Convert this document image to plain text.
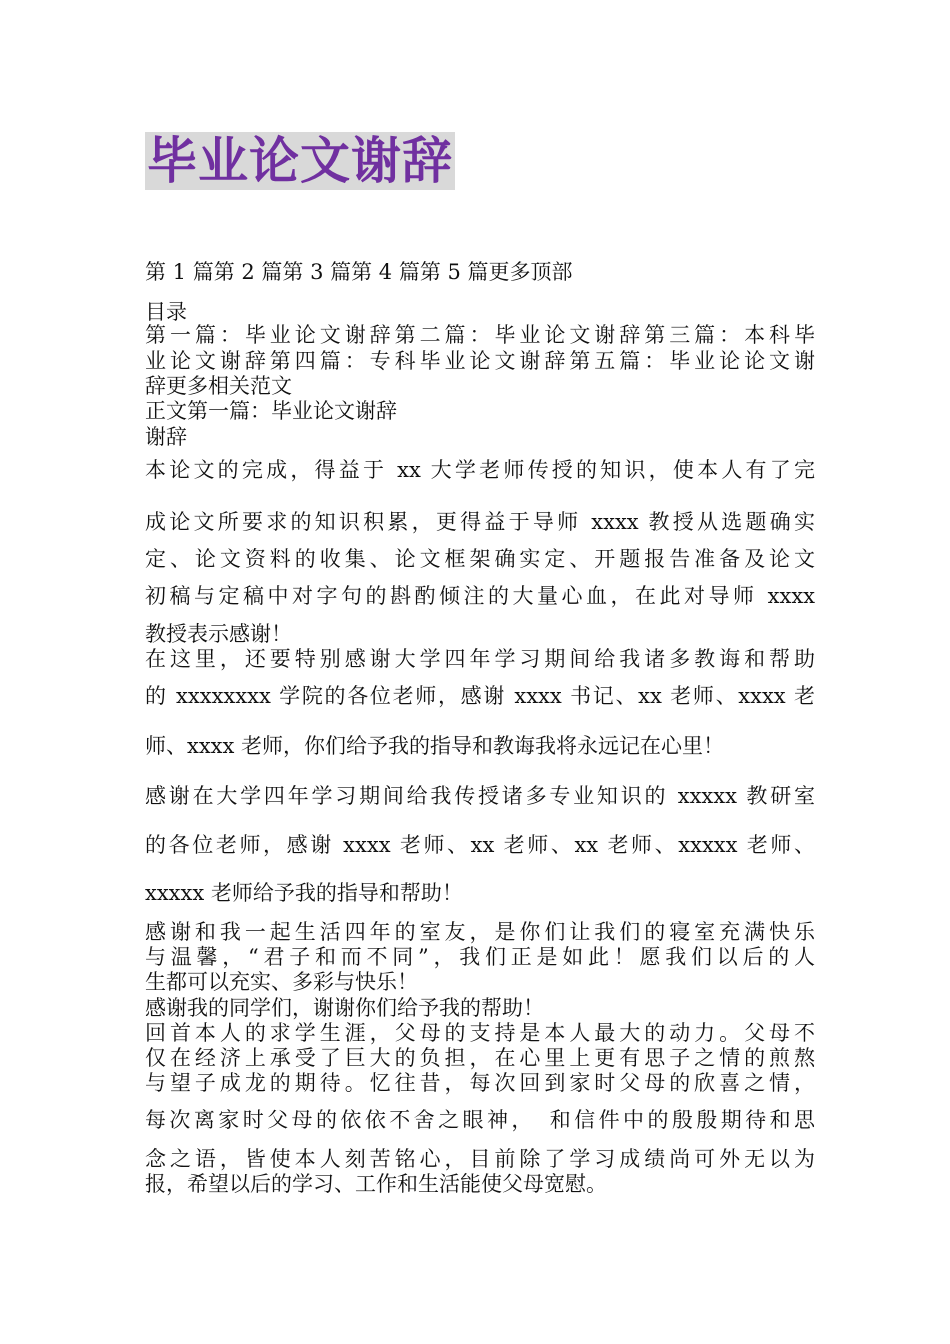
毕业论文谢辞
第 1 篇第 2 篇第 3 篇第 4 篇第 5 篇更多顶部
目录
第一篇：毕业论文谢辞第二篇：毕业论文谢辞第三篇：本科毕
业论文谢辞第四篇：专科毕业论文谢辞第五篇：毕业论论文谢
辞更多相关范文
正文第一篇：毕业论文谢辞
谢辞
本论文的完成，得益于 xx 大学老师传授的知识，使本人有了完
成论文所要求的知识积累，更得益于导师 xxxx 教授从选题确实
定、论文资料的收集、论文框架确实定、开题报告准备及论文
初稿与定稿中对字句的斟酌倾注的大量心血，在此对导师 xxxx
教授表示感谢！
在这里，还要特别感谢大学四年学习期间给我诸多教诲和帮助
的 xxxxxxxx 学院的各位老师，感谢 xxxx 书记、xx 老师、xxxx 老
师、xxxx 老师，你们给予我的指导和教诲我将永远记在心里！
感谢在大学四年学习期间给我传授诸多专业知识的 xxxxx 教研室
的各位老师，感谢 xxxx 老师、xx 老师、xx 老师、xxxxx 老师、
xxxxx 老师给予我的指导和帮助！
感谢和我一起生活四年的室友，是你们让我们的寝室充满快乐
与温馨，“君子和而不同”，我们正是如此！愿我们以后的人
生都可以充实、多彩与快乐！
感谢我的同学们，谢谢你们给予我的帮助！
回首本人的求学生涯，父母的支持是本人最大的动力。父母不
仅在经济上承受了巨大的负担，在心里上更有思子之情的煎熬
与望子成龙的期待。忆往昔，每次回到家时父母的欣喜之情，
每次离家时父母的依依不舍之眼神，　和信件中的殷殷期待和思
念之语，皆使本人刻苦铭心，目前除了学习成绩尚可外无以为
报，希望以后的学习、工作和生活能使父母宽慰。
